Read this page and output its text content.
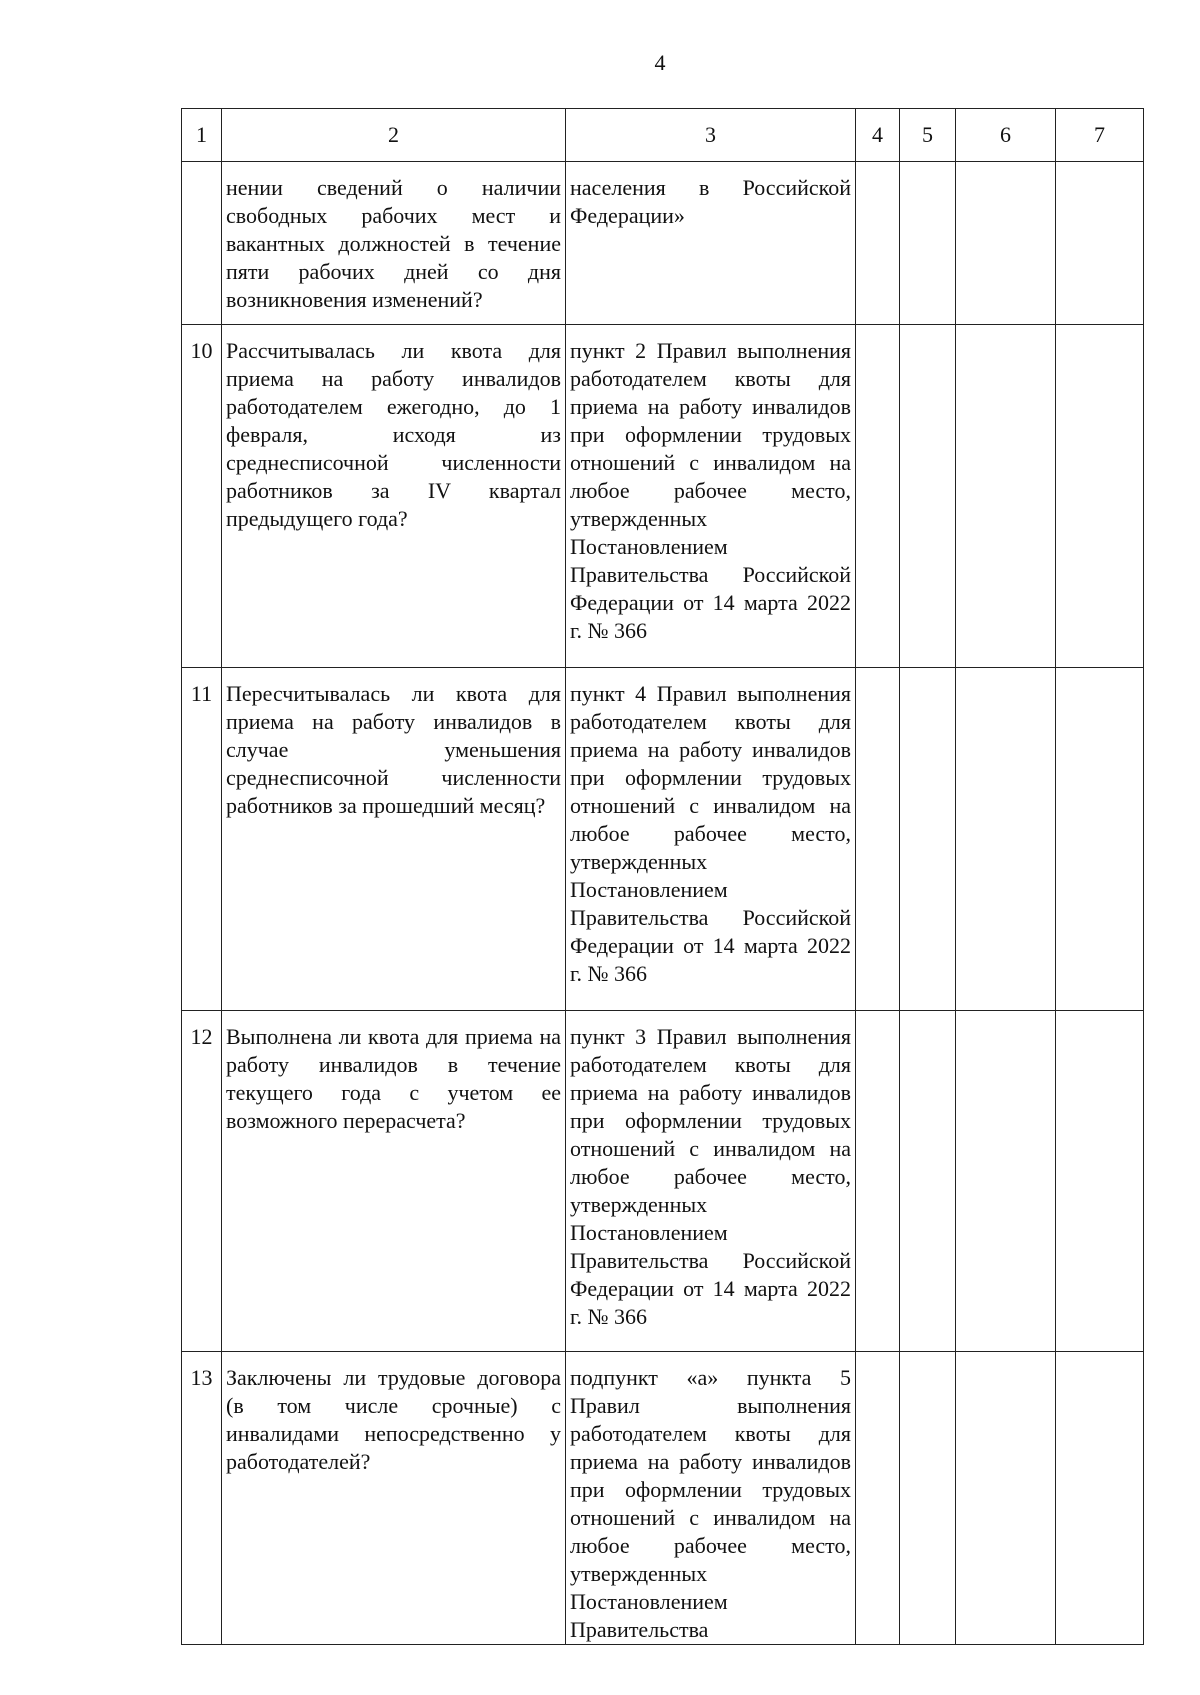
4
1	2	3	4	5	6	7
	нении сведений о наличии свободных рабочих мест и вакантных должностей в течение пяти рабочих дней со дня возникновения изменений?	населения в Российской Федерации»				
10	Рассчитывалась ли квота для приема на работу инвалидов работодателем ежегодно, до 1 февраля, исходя из среднесписочной численности работников за IV квартал предыдущего года?	пункт 2 Правил выполнения работодателем квоты для приема на работу инвалидов при оформлении трудовых отношений с инвалидом на любое рабочее место, утвержденных Постановлением Правительства Российской Федерации от 14 марта 2022 г. № 366				
11	Пересчитывалась ли квота для приема на работу инвалидов в случае уменьшения среднесписочной численности работников за прошедший месяц?	пункт 4 Правил выполнения работодателем квоты для приема на работу инвалидов при оформлении трудовых отношений с инвалидом на любое рабочее место, утвержденных Постановлением Правительства Российской Федерации от 14 марта 2022 г. № 366				
12	Выполнена ли квота для приема на работу инвалидов в течение текущего года с учетом ее возможного перерасчета?	пункт 3 Правил выполнения работодателем квоты для приема на работу инвалидов при оформлении трудовых отношений с инвалидом на любое рабочее место, утвержденных Постановлением Правительства Российской Федерации от 14 марта 2022 г. № 366				
13	Заключены ли трудовые договора (в том числе срочные) с инвалидами непосредственно у работодателей?	подпункт «а» пункта 5 Правил выполнения работодателем квоты для приема на работу инвалидов при оформлении трудовых отношений с инвалидом на любое рабочее место, утвержденных Постановлением Правительства				
